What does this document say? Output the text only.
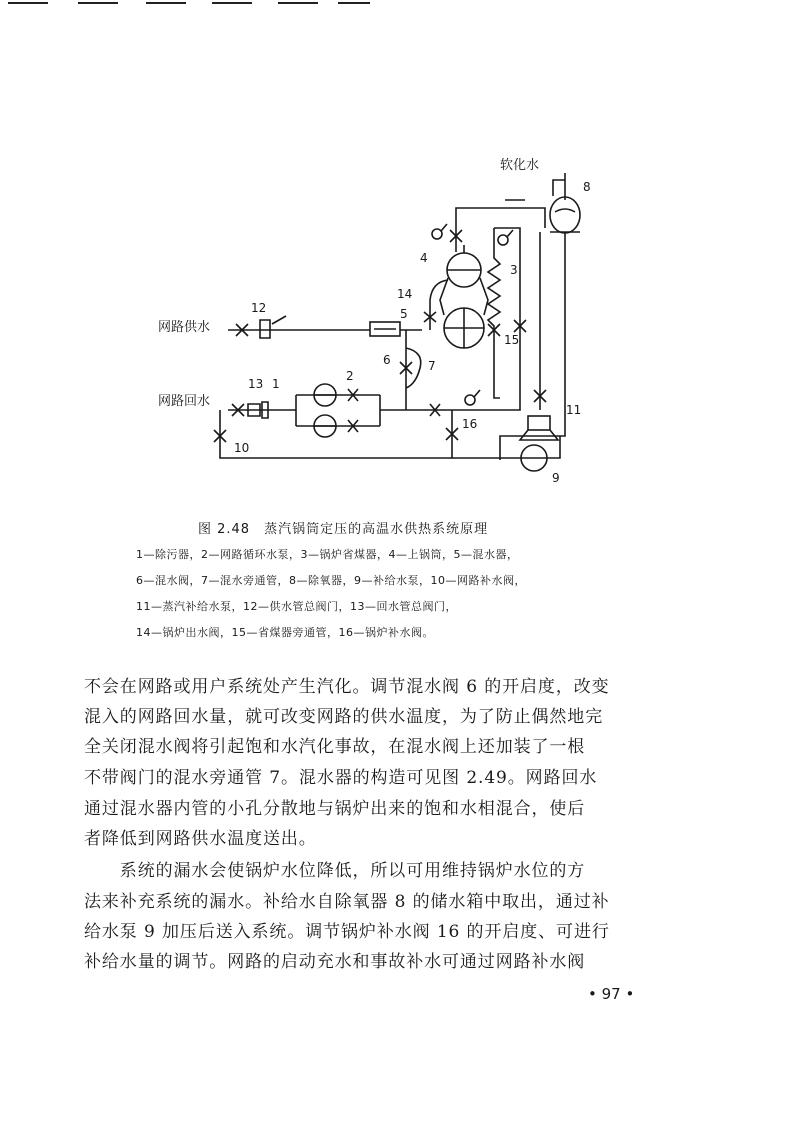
软化水
网路供水
网路回水
1
2
3
4
5
6	7
8
9
10
11
12
13
14
15
16
图 2.48　蒸汽锅筒定压的高温水供热系统原理
1—除污器，2—网路循环水泵，3—锅炉省煤器，4—上锅筒，5—混水器，
6—混水阀，7—混水旁通管，8—除氧器，9—补给水泵，10—网路补水阀，
11—蒸汽补给水泵，12—供水管总阀门，13—回水管总阀门，
14—锅炉出水阀，15—省煤器旁通管，16—锅炉补水阀。
不会在网路或用户系统处产生汽化。调节混水阀 6 的开启度，改变
混入的网路回水量，就可改变网路的供水温度，为了防止偶然地完
全关闭混水阀将引起饱和水汽化事故，在混水阀上还加装了一根
不带阀门的混水旁通管 7。混水器的构造可见图 2.49。网路回水
通过混水器内管的小孔分散地与锅炉出来的饱和水相混合，使后
者降低到网路供水温度送出。
　　系统的漏水会使锅炉水位降低，所以可用维持锅炉水位的方
法来补充系统的漏水。补给水自除氧器 8 的储水箱中取出，通过补
给水泵 9 加压后送入系统。调节锅炉补水阀 16 的开启度、可进行
补给水量的调节。网路的启动充水和事故补水可通过网路补水阀
• 97 •
